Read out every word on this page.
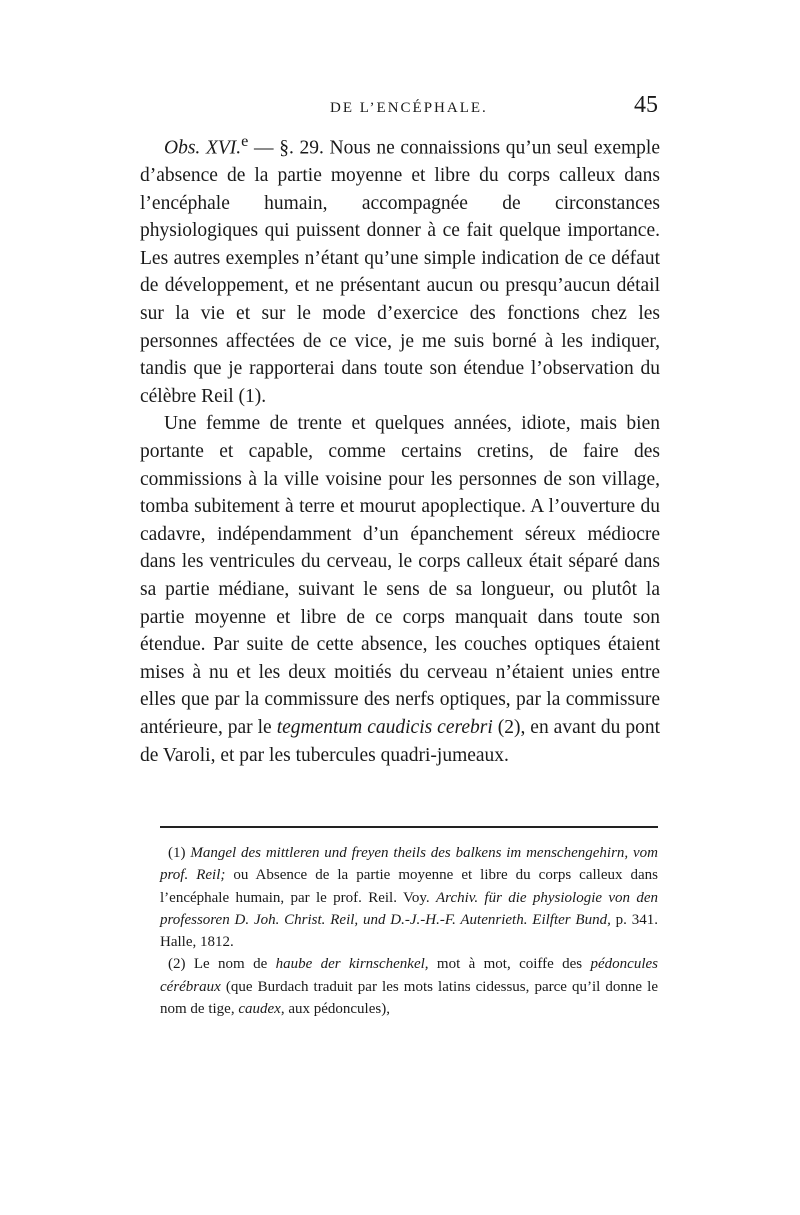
DE L’ENCÉPHALE.	45

Obs. XVI.$^e$ — §. 29. Nous ne connaissions qu’un seul exemple d’absence de la partie moyenne et libre du corps calleux dans l’encéphale humain, accompagnée de circonstances physiologiques qui puissent donner à ce fait quelque importance. Les autres exemples n’étant qu’une simple indication de ce défaut de développement, et ne présentant aucun ou presqu’aucun détail sur la vie et sur le mode d’exercice des fonctions chez les personnes affectées de ce vice, je me suis borné à les indiquer, tandis que je rapporterai dans toute son étendue l’observation du célèbre Reil (1).

Une femme de trente et quelques années, idiote, mais bien portante et capable, comme certains cretins, de faire des commissions à la ville voisine pour les personnes de son village, tomba subitement à terre et mourut apoplectique. A l’ouverture du cadavre, indépendamment d’un épanchement séreux médiocre dans les ventricules du cerveau, le corps calleux était séparé dans sa partie médiane, suivant le sens de sa longueur, ou plutôt la partie moyenne et libre de ce corps manquait dans toute son étendue. Par suite de cette absence, les couches optiques étaient mises à nu et les deux moitiés du cerveau n’étaient unies entre elles que par la commissure des nerfs optiques, par la commissure antérieure, par le tegmentum caudicis cerebri (2), en avant du pont de Varoli, et par les tubercules quadri-jumeaux.

(1) Mangel des mittleren und freyen theils des balkens im menschengehirn, vom prof. Reil; ou Absence de la partie moyenne et libre du corps calleux dans l’encéphale humain, par le prof. Reil. Voy. Archiv. für die physiologie von den professoren D. Joh. Christ. Reil, und D.-J.-H.-F. Autenrieth. Eilfter Bund, p. 341. Halle, 1812.

(2) Le nom de haube der kirnschenkel, mot à mot, coiffe des pédoncules cérébraux (que Burdach traduit par les mots latins cidessus, parce qu’il donne le nom de tige, caudex, aux pédoncules),
